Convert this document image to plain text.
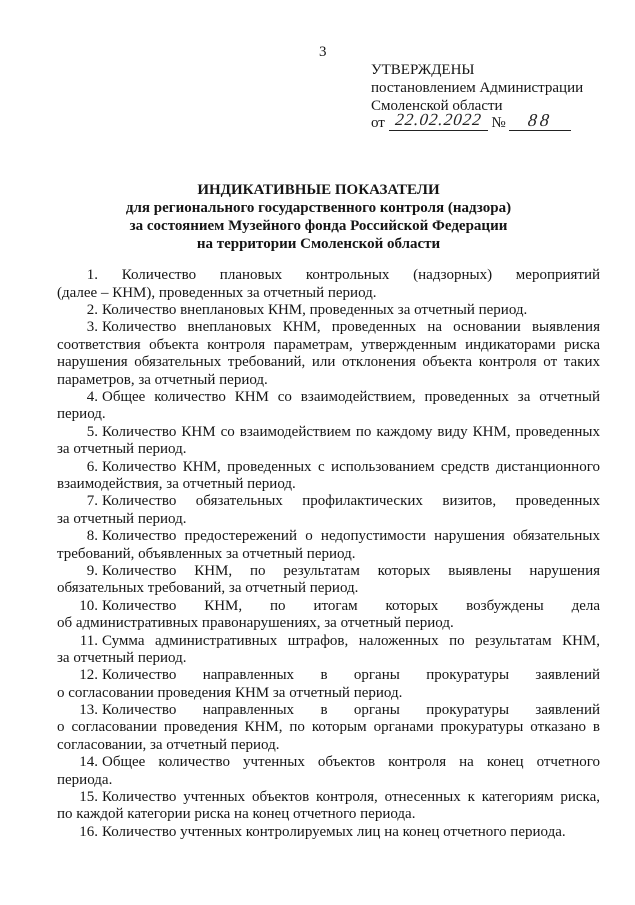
3
УТВЕРЖДЕНЫ
постановлением Администрации
Смоленской области
от 22.02.2022 №	88
ИНДИКАТИВНЫЕ ПОКАЗАТЕЛИ
для регионального государственного контроля (надзора)
за состоянием Музейного фонда Российской Федерации
на территории Смоленской области
1. Количество плановых контрольных (надзорных) мероприятий
(далее – КНМ), проведенных за отчетный период.
2. Количество внеплановых КНМ, проведенных за отчетный период.
3. Количество внеплановых КНМ, проведенных на основании выявления
соответствия объекта контроля параметрам, утвержденным индикаторами риска
нарушения обязательных требований, или отклонения объекта контроля от таких
параметров, за отчетный период.
4. Общее количество КНМ со взаимодействием, проведенных за отчетный
период.
5. Количество КНМ со взаимодействием по каждому виду КНМ, проведенных
за отчетный период.
6. Количество КНМ, проведенных с использованием средств дистанционного
взаимодействия, за отчетный период.
7. Количество обязательных профилактических визитов, проведенных
за отчетный период.
8. Количество предостережений о недопустимости нарушения обязательных
требований, объявленных за отчетный период.
9. Количество КНМ, по результатам которых выявлены нарушения
обязательных требований, за отчетный период.
10. Количество КНМ, по итогам которых возбуждены дела
об административных правонарушениях, за отчетный период.
11. Сумма административных штрафов, наложенных по результатам КНМ,
за отчетный период.
12. Количество направленных в органы прокуратуры заявлений
о согласовании проведения КНМ за отчетный период.
13. Количество направленных в органы прокуратуры заявлений
о согласовании проведения КНМ, по которым органами прокуратуры отказано в
согласовании, за отчетный период.
14. Общее количество учтенных объектов контроля на конец отчетного
периода.
15. Количество учтенных объектов контроля, отнесенных к категориям риска,
по каждой категории риска на конец отчетного периода.
16. Количество учтенных контролируемых лиц на конец отчетного периода.
